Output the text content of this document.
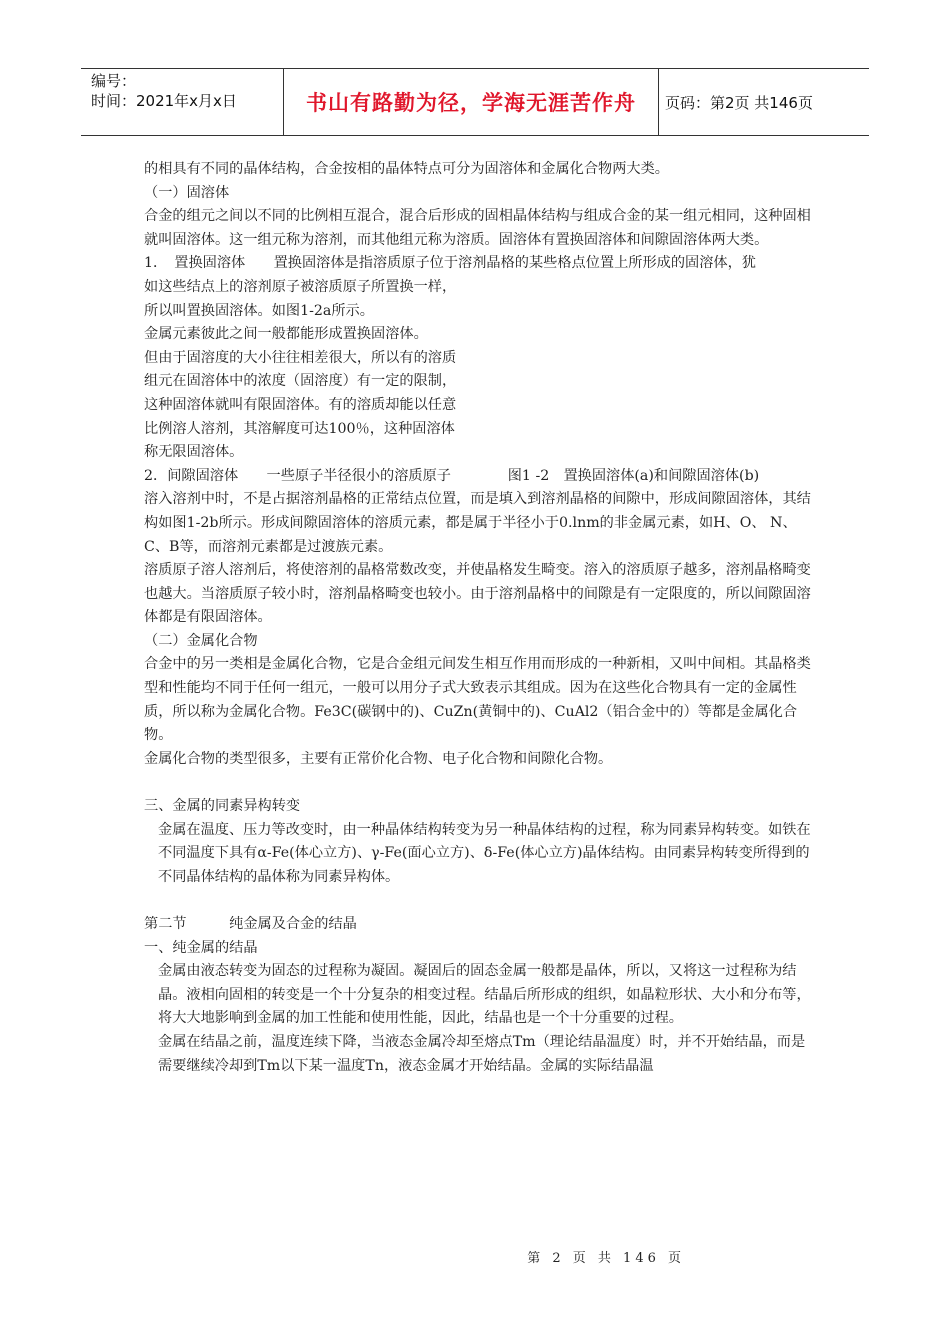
编号：
时间：2021年x月x日	书山有路勤为径，学海无涯苦作舟 页码：第2页 共146页

的相具有不同的晶体结构，合金按相的晶体特点可分为固溶体和金属化合物两大类。

（一）固溶体

合金的组元之间以不同的比例相互混合，混合后形成的固相晶体结构与组成合金的某一组元相同，这种固相就叫固溶体。这一组元称为溶剂，而其他组元称为溶质。固溶体有置换固溶体和间隙固溶体两大类。

1．　置换固溶体　　置换固溶体是指溶质原子位于溶剂晶格的某些格点位置上所形成的固溶体，犹

如这些结点上的溶剂原子被溶质原子所置换一样，

所以叫置换固溶体。如图1-2a所示。

金属元素彼此之间一般都能形成置换固溶体。

但由于固溶度的大小往往相差很大，所以有的溶质

组元在固溶体中的浓度（固溶度）有一定的限制，

这种固溶体就叫有限固溶体。有的溶质却能以任意

比例溶人溶剂，其溶解度可达100％，这种固溶体

称无限固溶体。

2．间隙固溶体　　一些原子半径很小的溶质原子　　　　图1 -2　置换固溶体(a)和间隙固溶体(b)

溶入溶剂中时，不是占据溶剂晶格的正常结点位置，而是填入到溶剂晶格的间隙中，形成间隙固溶体，其结构如图1-2b所示。形成间隙固溶体的溶质元素，都是属于半径小于0.lnm的非金属元素，如H、O、 N、C、B等，而溶剂元素都是过渡族元素。

溶质原子溶人溶剂后，将使溶剂的晶格常数改变，并使晶格发生畸变。溶入的溶质原子越多，溶剂晶格畸变也越大。当溶质原子较小时，溶剂晶格畸变也较小。由于溶剂晶格中的间隙是有一定限度的，所以间隙固溶体都是有限固溶体。

（二）金属化合物

合金中的另一类相是金属化合物，它是合金组元间发生相互作用而形成的一种新相，又叫中间相。其晶格类型和性能均不同于任何一组元，一般可以用分子式大致表示其组成。因为在这些化合物具有一定的金属性质，所以称为金属化合物。Fe3C(碳钢中的)、CuZn(黄铜中的)、CuAl2（铝合金中的）等都是金属化合物。

金属化合物的类型很多，主要有正常价化合物、电子化合物和间隙化合物。

三、金属的同素异构转变

金属在温度、压力等改变时，由一种晶体结构转变为另一种晶体结构的过程，称为同素异构转变。如铁在不同温度下具有α-Fe(体心立方)、γ-Fe(面心立方)、δ-Fe(体心立方)晶体结构。由同素异构转变所得到的不同晶体结构的晶体称为同素异构体。

第二节　　　纯金属及合金的结晶

一、纯金属的结晶

金属由液态转变为固态的过程称为凝固。凝固后的固态金属一般都是晶体，所以，又将这一过程称为结晶。液相向固相的转变是一个十分复杂的相变过程。结晶后所形成的组织，如晶粒形状、大小和分布等，将大大地影响到金属的加工性能和使用性能，因此，结晶也是一个十分重要的过程。

金属在结晶之前，温度连续下降，当液态金属冷却至熔点Tm（理论结晶温度）时，并不开始结晶，而是需要继续冷却到Tm以下某一温度Tn，液态金属才开始结晶。金属的实际结晶温

第 2 页 共 146 页
